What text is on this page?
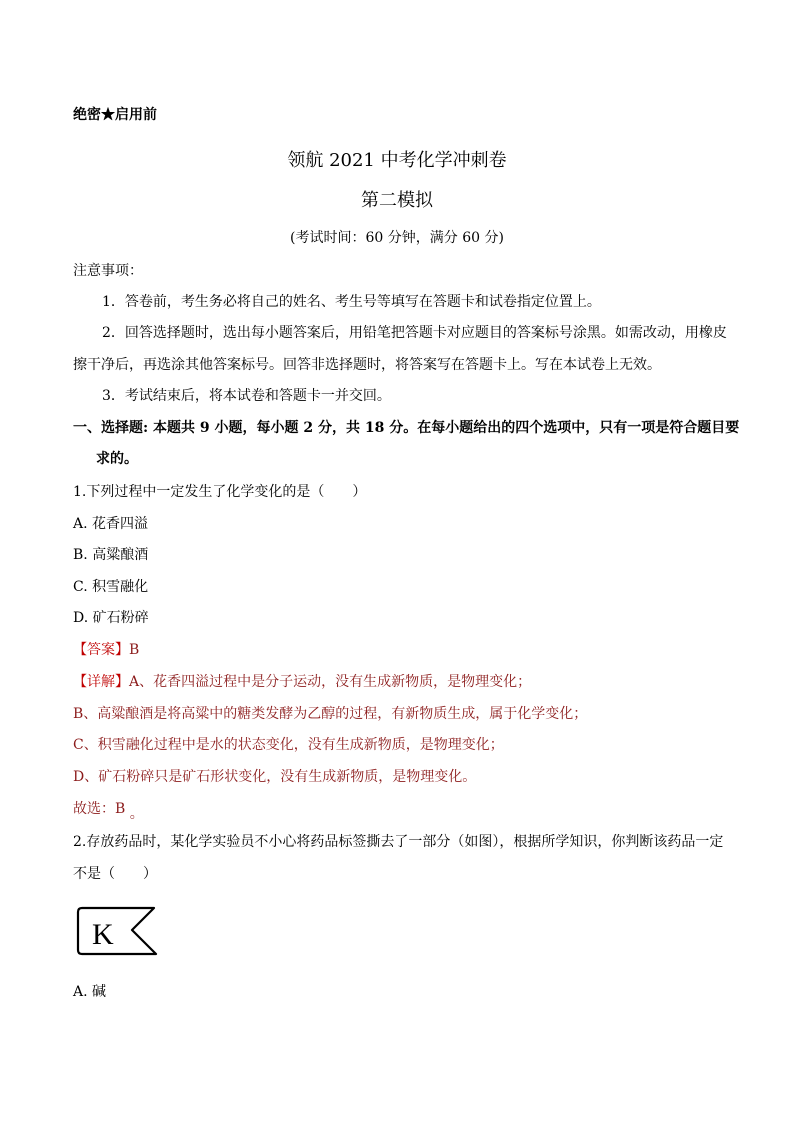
绝密★启用前
领航 2021 中考化学冲刺卷
第二模拟
(考试时间：60 分钟，满分 60 分)
注意事项：
1．答卷前，考生务必将自己的姓名、考生号等填写在答题卡和试卷指定位置上。
2．回答选择题时，选出每小题答案后，用铅笔把答题卡对应题目的答案标号涂黑。如需改动，用橡皮
擦干净后，再选涂其他答案标号。回答非选择题时，将答案写在答题卡上。写在本试卷上无效。
3．考试结束后，将本试卷和答题卡一并交回。
一、选择题: 本题共 9 小题，每小题 2 分，共 18 分。在每小题给出的四个选项中，只有一项是符合题目要
求的。
1.下列过程中一定发生了化学变化的是（　　）
A. 花香四溢
B. 高粱酿酒
C. 积雪融化
D. 矿石粉碎
【答案】B
【详解】A、花香四溢过程中是分子运动，没有生成新物质，是物理变化；
B、高粱酿酒是将高粱中的糖类发酵为乙醇的过程，有新物质生成，属于化学变化；
C、积雪融化过程中是水的状态变化，没有生成新物质，是物理变化；
D、矿石粉碎只是矿石形状变化，没有生成新物质，是物理变化。
故选：B 。
2.存放药品时，某化学实验员不小心将药品标签撕去了一部分（如图），根据所学知识，你判断该药品一定
不是（　　）
K
A. 碱
